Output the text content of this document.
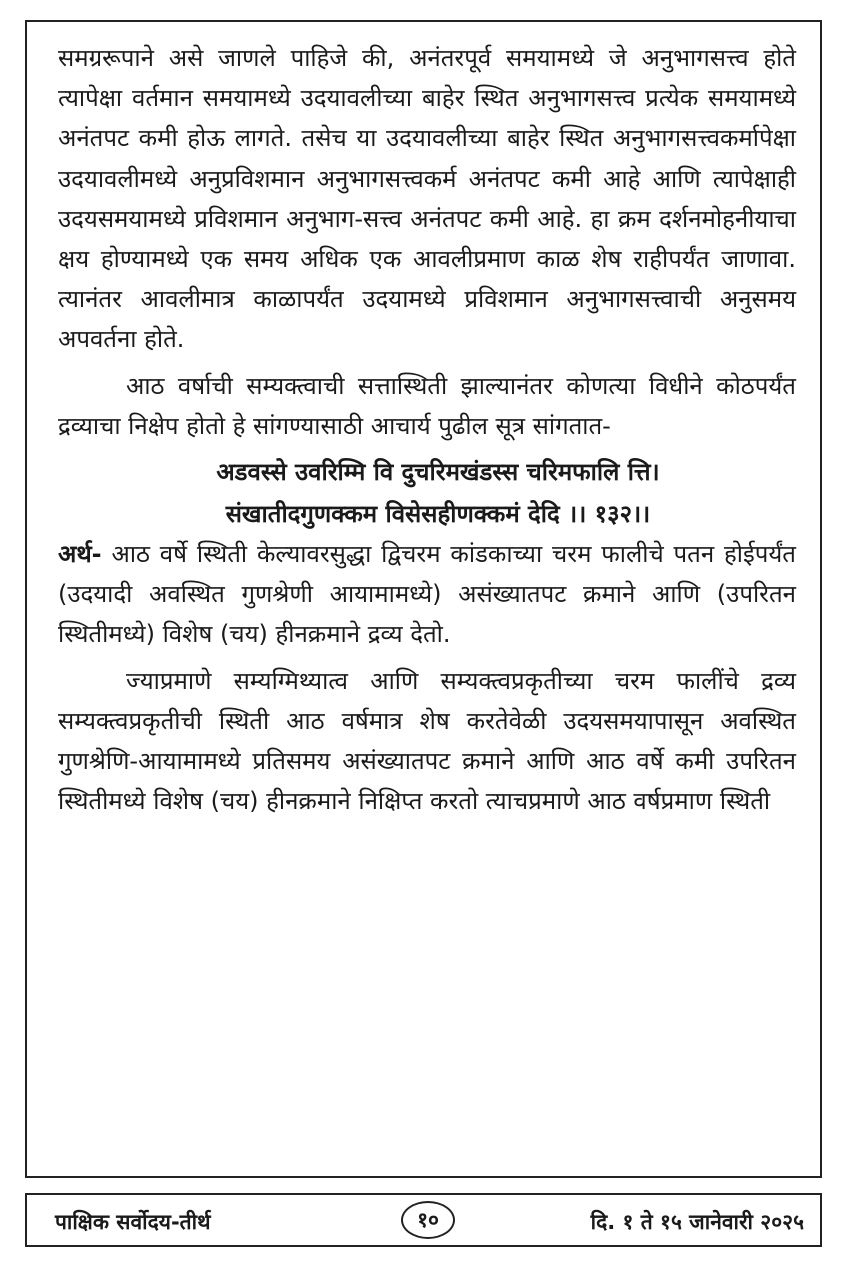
समग्ररूपाने असे जाणले पाहिजे की, अनंतरपूर्व समयामध्ये जे अनुभागसत्त्व होते त्यापेक्षा वर्तमान समयामध्ये उदयावलीच्या बाहेर स्थित अनुभागसत्त्व प्रत्येक समयामध्ये अनंतपट कमी होऊ लागते. तसेच या उदयावलीच्या बाहेर स्थित अनुभागसत्त्वकर्मापेक्षा उदयावलीमध्ये अनुप्रविशमान अनुभागसत्त्वकर्म अनंतपट कमी आहे आणि त्यापेक्षाही उदयसमयामध्ये प्रविशमान अनुभाग-सत्त्व अनंतपट कमी आहे. हा क्रम दर्शनमोहनीयाचा क्षय होण्यामध्ये एक समय अधिक एक आवलीप्रमाण काळ शेष राहीपर्यंत जाणावा. त्यानंतर आवलीमात्र काळापर्यंत उदयामध्ये प्रविशमान अनुभागसत्त्वाची अनुसमय अपवर्तना होते.

आठ वर्षाची सम्यक्त्वाची सत्तास्थिती झाल्यानंतर कोणत्या विधीने कोठपर्यंत द्रव्याचा निक्षेप होतो हे सांगण्यासाठी आचार्य पुढील सूत्र सांगतात-

अडवस्से उवरिम्मि वि दुचरिमखंडस्स चरिमफालि त्ति।

संखातीदगुणक्कम विसेसहीणक्कमं देदि ।। १३२।।

अर्थ- आठ वर्षे स्थिती केल्यावरसुद्धा द्विचरम कांडकाच्या चरम फालीचे पतन होईपर्यंत (उदयादी अवस्थित गुणश्रेणी आयामामध्ये) असंख्यातपट क्रमाने आणि (उपरितन स्थितीमध्ये) विशेष (चय) हीनक्रमाने द्रव्य देतो.

ज्याप्रमाणे सम्यग्मिथ्यात्व आणि सम्यक्त्वप्रकृतीच्या चरम फालींचे द्रव्य सम्यक्त्वप्रकृतीची स्थिती आठ वर्षमात्र शेष करतेवेळी उदयसमयापासून अवस्थित गुणश्रेणि-आयामामध्ये प्रतिसमय असंख्यातपट क्रमाने आणि आठ वर्षे कमी उपरितन स्थितीमध्ये विशेष (चय) हीनक्रमाने निक्षिप्त करतो त्याचप्रमाणे आठ वर्षप्रमाण स्थिती

पाक्षिक सर्वोदय-तीर्थ	१०	दि. १ ते १५ जानेवारी २०२५
